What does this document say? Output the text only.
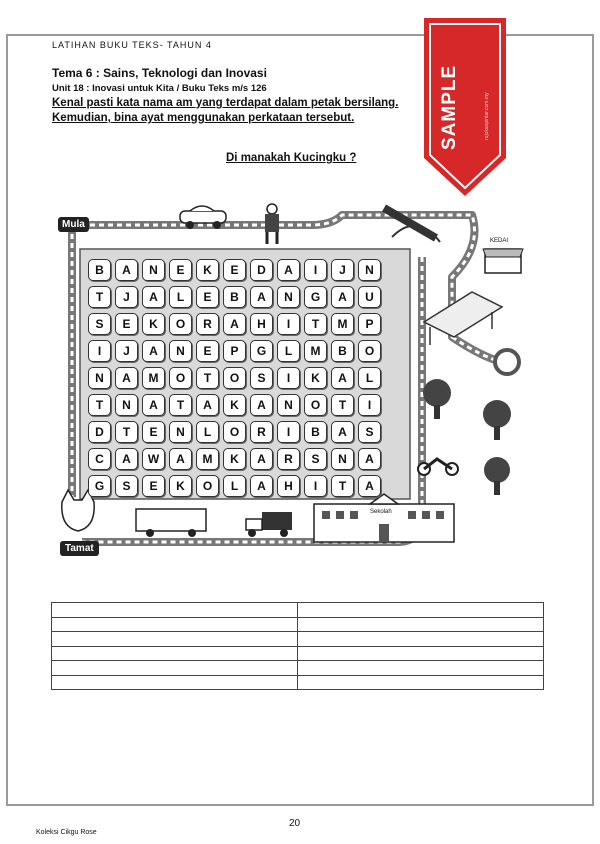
LATIHAN BUKU TEKS- TAHUN 4
Tema 6 : Sains, Teknologi dan Inovasi
Unit 18 : Inovasi untuk Kita / Buku Teks m/s 126
Kenal pasti kata nama am yang terdapat dalam petak bersilang.
Kemudian, bina ayat menggunakan perkataan tersebut.
Di manakah Kucingku ?
B	A	N	E	K	E	D	A	I	J	N
T	J	A	L	E	B	A	N	G	A	U
S	E	K	O	R	A	H	I	T	M	P
I	J	A	N	E	P	G	L	M	B	O
N	A	M	O	T	O	S	I	K	A	L
T	N	A	T	A	K	A	N	O	T	I
D	T	E	N	L	O	R	I	B	A	S
C	A	W	A	M	K	A	R	S	N	A
G	S	E	K	O	L	A	H	I	T	A
Mula
Tamat
KEDAI
Sekolah
SAMPLE	rujukanpintar.com.my

20
Koleksi Cikgu Rose
